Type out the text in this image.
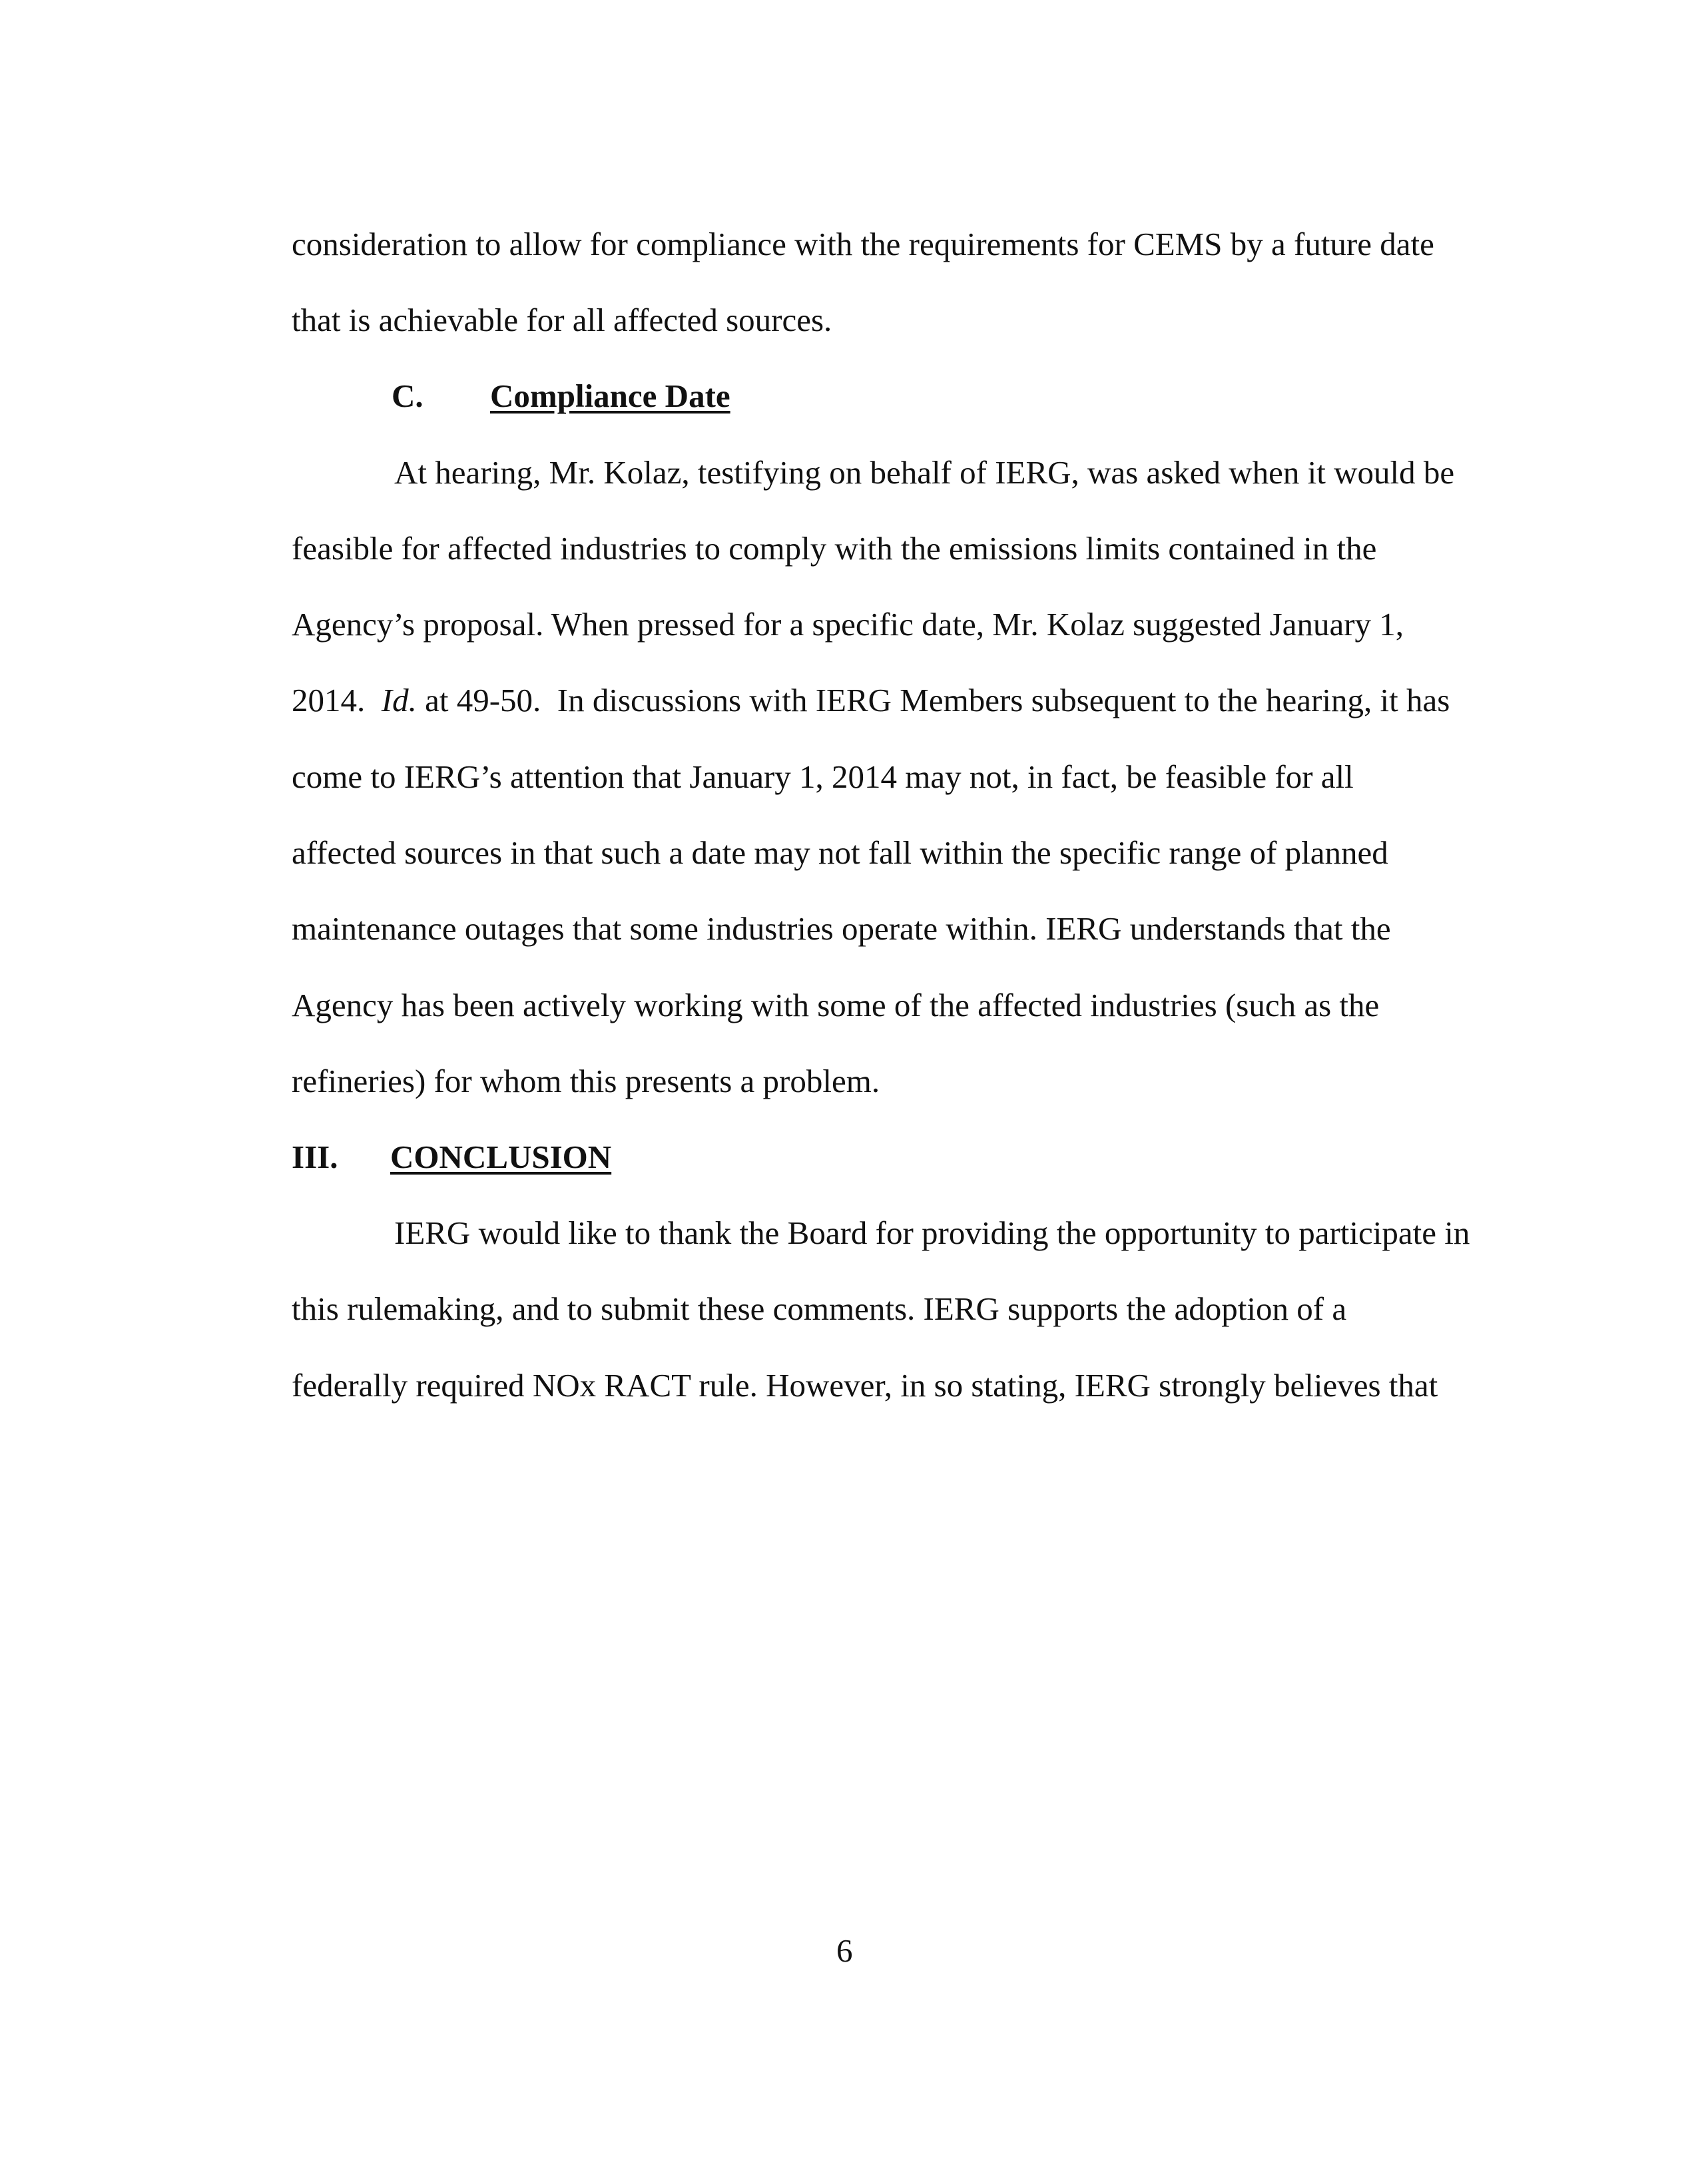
consideration to allow for compliance with the requirements for CEMS by a future date
that is achievable for all affected sources.
C. Compliance Date
At hearing, Mr. Kolaz, testifying on behalf of IERG, was asked when it would be
feasible for affected industries to comply with the emissions limits contained in the
Agency’s proposal. When pressed for a specific date, Mr. Kolaz suggested January 1,
2014.  Id. at 49-50.  In discussions with IERG Members subsequent to the hearing, it has
come to IERG’s attention that January 1, 2014 may not, in fact, be feasible for all
affected sources in that such a date may not fall within the specific range of planned
maintenance outages that some industries operate within. IERG understands that the
Agency has been actively working with some of the affected industries (such as the
refineries) for whom this presents a problem.
III. CONCLUSION
IERG would like to thank the Board for providing the opportunity to participate in
this rulemaking, and to submit these comments. IERG supports the adoption of a
federally required NOx RACT rule. However, in so stating, IERG strongly believes that
6
